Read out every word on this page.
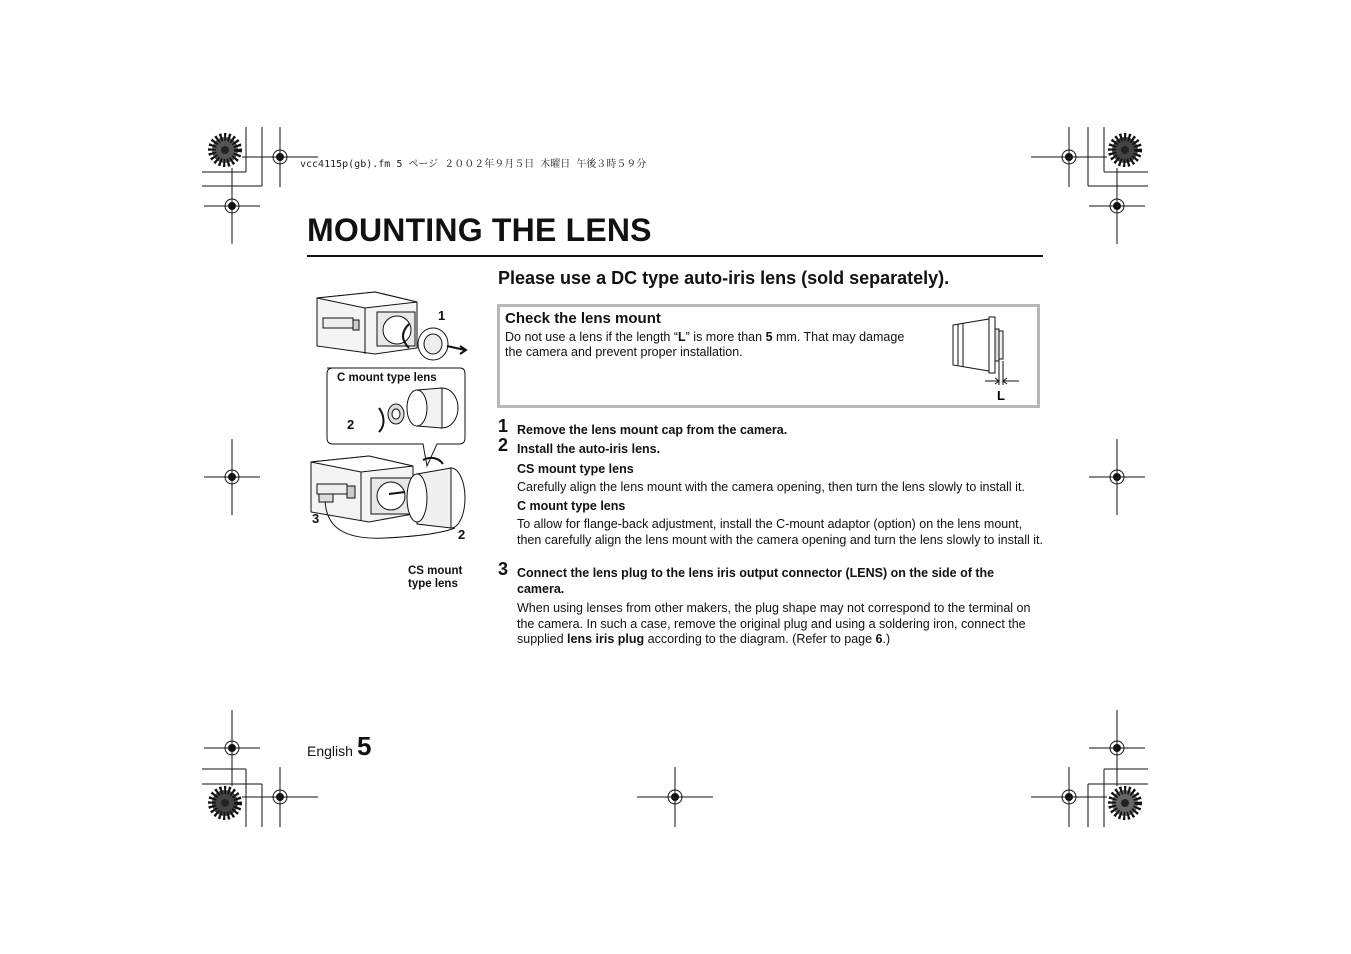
vcc4115p(gb).fm 5 ページ ２００２年９月５日 木曜日 午後３時５９分
MOUNTING THE LENS
Please use a DC type auto-iris lens (sold separately).
Check the lens mount
Do not use a lens if the length “L” is more than 5 mm. That may damage the camera and prevent proper installation.
L
1
C mount type lens
2
3
2
CS mount
type lens
1 Remove the lens mount cap from the camera.
2 Install the auto-iris lens.
CS mount type lens
Carefully align the lens mount with the camera opening, then turn the lens slowly to install it.
C mount type lens
To allow for flange-back adjustment, install the C-mount adaptor (option) on the lens mount, then carefully align the lens mount with the camera opening and turn the lens slowly to install it.
3 Connect the lens plug to the lens iris output connector (LENS) on the side of the camera.
When using lenses from other makers, the plug shape may not correspond to the terminal on the camera. In such a case, remove the original plug and using a soldering iron, connect the supplied lens iris plug according to the diagram. (Refer to page 6.)
English 5
